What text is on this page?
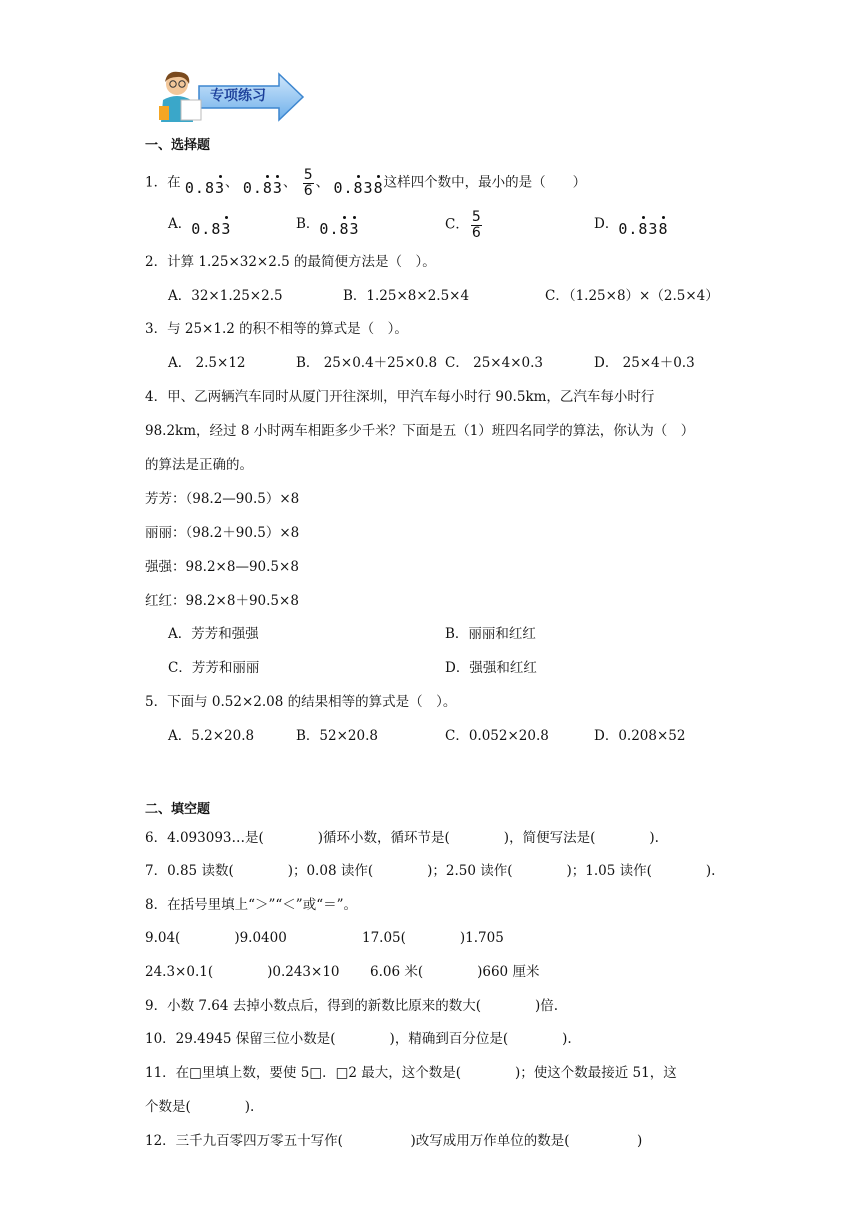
专项练习
一、选择题
1．在 0.83、 0.83、 $\frac{5}{6}$ 、 0.838这样四个数中，最小的是（　　）
A．0.83	B．0.83	C． $\frac{5}{6}$	D．0.838
2．计算 1.25×32×2.5 的最简便方法是（　）。
A．32×1.25×2.5	B．1.25×8×2.5×4	C．（1.25×8）×（2.5×4）
3．与 25×1.2 的积不相等的算式是（　）。
A． 2.5×12	B． 25×0.4＋25×0.8 C． 25×4×0.3	D． 25×4＋0.3
4．甲、乙两辆汽车同时从厦门开往深圳，甲汽车每小时行 90.5km，乙汽车每小时行
98.2km，经过 8 小时两车相距多少千米？下面是五（1）班四名同学的算法，你认为（　）
的算法是正确的。
芳芳：（98.2—90.5）×8
丽丽：（98.2＋90.5）×8
强强：98.2×8—90.5×8
红红：98.2×8＋90.5×8
A．芳芳和强强	B．丽丽和红红
C．芳芳和丽丽	D．强强和红红
5．下面与 0.52×2.08 的结果相等的算式是（　）。
A．5.2×20.8	B．52×20.8	C．0.052×20.8	D．0.208×52
二、填空题
6．4.093093…是(　　　　)循环小数，循环节是(　　　　)，简便写法是(　　　　).
7．0.85 读数(　　　　)；0.08 读作(　　　　)；2.50 读作(　　　　)；1.05 读作(　　　　).
8．在括号里填上“＞”“＜”或“＝”。
9.04(　　　　)9.0400	17.05(　　　　)1.705
24.3×0.1(　　　　)0.243×10 6.06 米(　　　　)660 厘米
9．小数 7.64 去掉小数点后，得到的新数比原来的数大(　　　　)倍.
10．29.4945 保留三位小数是(　　　　)，精确到百分位是(　　　　).
11．在□里填上数，要使 5□．□2 最大，这个数是(　　　　)；使这个数最接近 51，这
个数是(　　　　).
12．三千九百零四万零五十写作(　　　　　)改写成用万作单位的数是(　　　　　)
